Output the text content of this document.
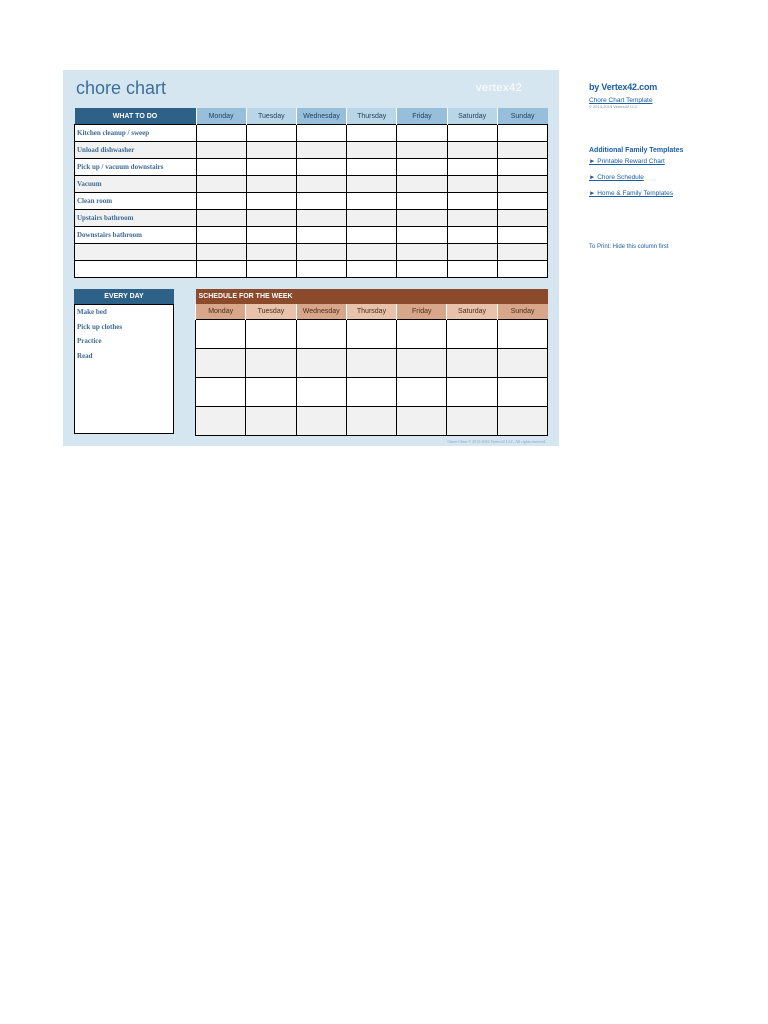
chore chart	vertex42
WHAT TO DO	Monday	Tuesday	Wednesday	Thursday	Friday	Saturday	Sunday
Kitchen cleanup / sweep							
Unload dishwasher							
Pick up / vacuum downstairs							
Vacuum							
Clean room							
Upstairs bathroom							
Downstairs bathroom							

EVERY DAY
Make bed
Pick up clothes
Practice
Read
SCHEDULE FOR THE WEEK						
Monday	Tuesday	Wednesday	Thursday	Friday	Saturday	Sunday

Chore Chart © 2013-2022 Vertex42 LLC. All rights reserved.
by Vertex42.com
Chore Chart Template
© 2013-2019 Vertex42 LLC
Additional Family Templates
► Printable Reward Chart
► Chore Schedule
► Home & Family Templates
To Print: Hide this column first
